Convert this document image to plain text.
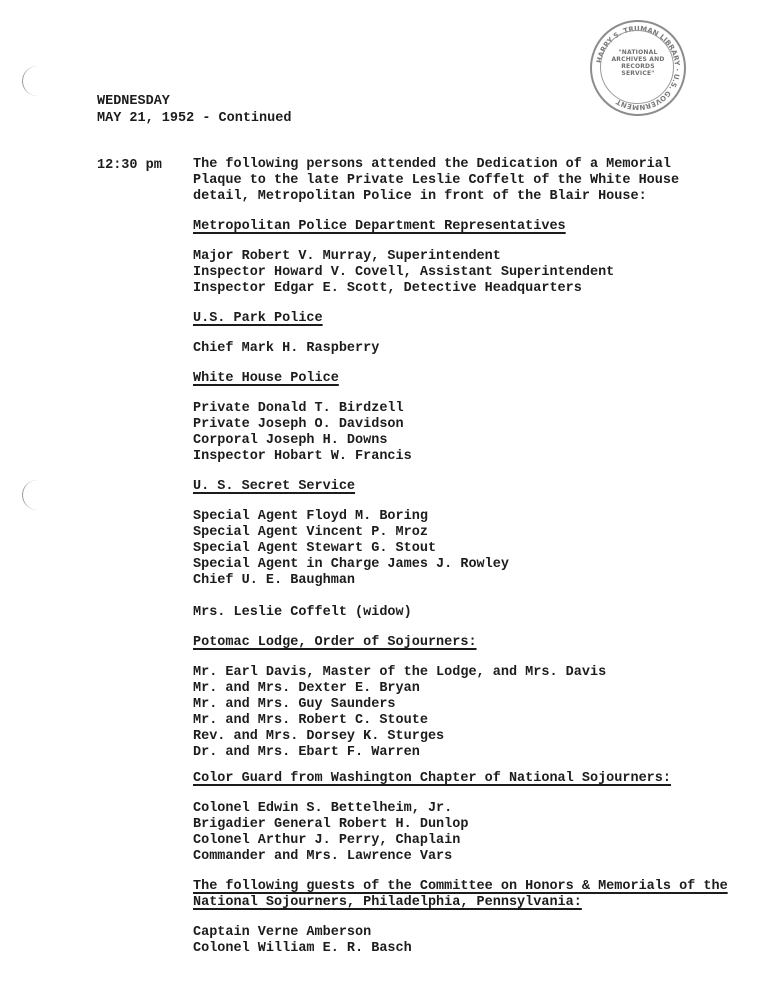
HARRY S. TRUMAN LIBRARY · U.S. GOVERNMENT
"NATIONAL
ARCHIVES AND
RECORDS
SERVICE"
WEDNESDAY
MAY 21, 1952 - Continued
12:30 pm The following persons attended the Dedication of a Memorial
Plaque to the late Private Leslie Coffelt of the White House
detail, Metropolitan Police in front of the Blair House:
Metropolitan Police Department Representatives
Major Robert V. Murray, Superintendent
Inspector Howard V. Covell, Assistant Superintendent
Inspector Edgar E. Scott, Detective Headquarters
U.S. Park Police
Chief Mark H. Raspberry
White House Police
Private Donald T. Birdzell
Private Joseph O. Davidson
Corporal Joseph H. Downs
Inspector Hobart W. Francis
U. S. Secret Service
Special Agent Floyd M. Boring
Special Agent Vincent P. Mroz
Special Agent Stewart G. Stout
Special Agent in Charge James J. Rowley
Chief U. E. Baughman
Mrs. Leslie Coffelt (widow)
Potomac Lodge, Order of Sojourners:
Mr. Earl Davis, Master of the Lodge, and Mrs. Davis
Mr. and Mrs. Dexter E. Bryan
Mr. and Mrs. Guy Saunders
Mr. and Mrs. Robert C. Stoute
Rev. and Mrs. Dorsey K. Sturges
Dr. and Mrs. Ebart F. Warren
Color Guard from Washington Chapter of National Sojourners:
Colonel Edwin S. Bettelheim, Jr.
Brigadier General Robert H. Dunlop
Colonel Arthur J. Perry, Chaplain
Commander and Mrs. Lawrence Vars
The following guests of the Committee on Honors & Memorials of the
National Sojourners, Philadelphia, Pennsylvania:
Captain Verne Amberson
Colonel William E. R. Basch
